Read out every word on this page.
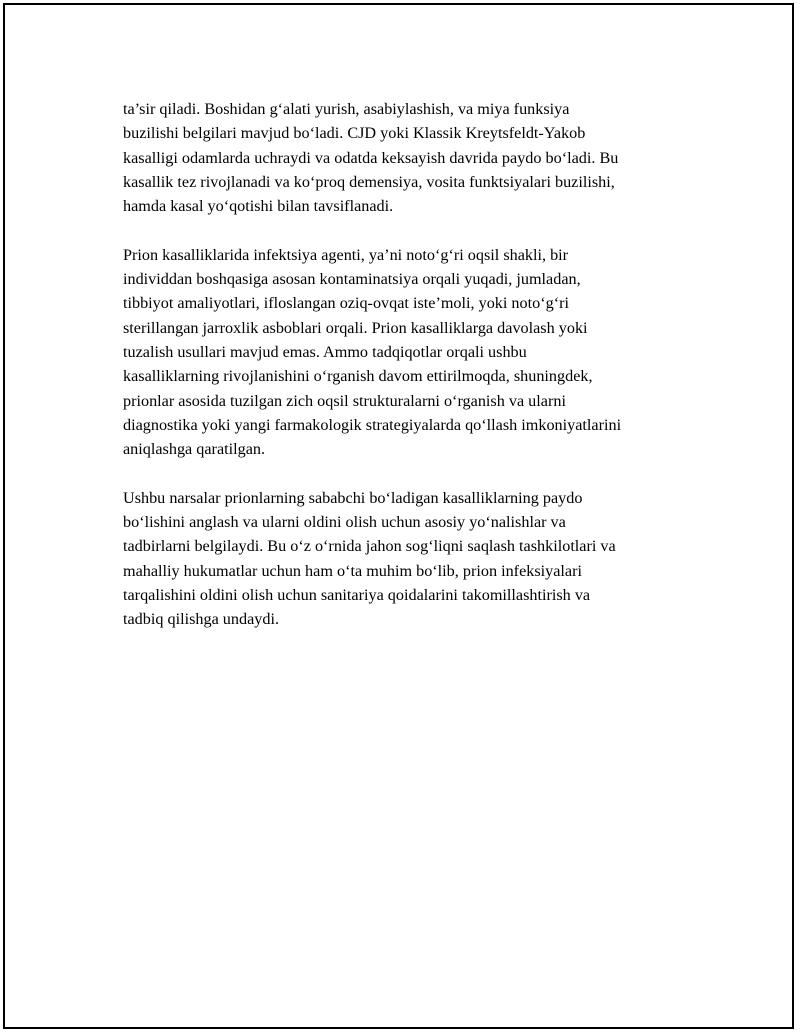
ta’sir qiladi. Boshidan g‘alati yurish, asabiylashish, va miya funksiya
buzilishi belgilari mavjud bo‘ladi. CJD yoki Klassik Kreytsfeldt-Yakob
kasalligi odamlarda uchraydi va odatda keksayish davrida paydo bo‘ladi. Bu
kasallik tez rivojlanadi va ko‘proq demensiya, vosita funktsiyalari buzilishi,
hamda kasal yo‘qotishi bilan tavsiflanadi.

Prion kasalliklarida infektsiya agenti, ya’ni noto‘g‘ri oqsil shakli, bir
individdan boshqasiga asosan kontaminatsiya orqali yuqadi, jumladan,
tibbiyot amaliyotlari, ifloslangan oziq-ovqat iste’moli, yoki noto‘g‘ri
sterillangan jarroxlik asboblari orqali. Prion kasalliklarga davolash yoki
tuzalish usullari mavjud emas. Ammo tadqiqotlar orqali ushbu
kasalliklarning rivojlanishini o‘rganish davom ettirilmoqda, shuningdek,
prionlar asosida tuzilgan zich oqsil strukturalarni o‘rganish va ularni
diagnostika yoki yangi farmakologik strategiyalarda qo‘llash imkoniyatlarini
aniqlashga qaratilgan.

Ushbu narsalar prionlarning sababchi bo‘ladigan kasalliklarning paydo
bo‘lishini anglash va ularni oldini olish uchun asosiy yo‘nalishlar va
tadbirlarni belgilaydi. Bu o‘z o‘rnida jahon sog‘liqni saqlash tashkilotlari va
mahalliy hukumatlar uchun ham o‘ta muhim bo‘lib, prion infeksiyalari
tarqalishini oldini olish uchun sanitariya qoidalarini takomillashtirish va
tadbiq qilishga undaydi.
